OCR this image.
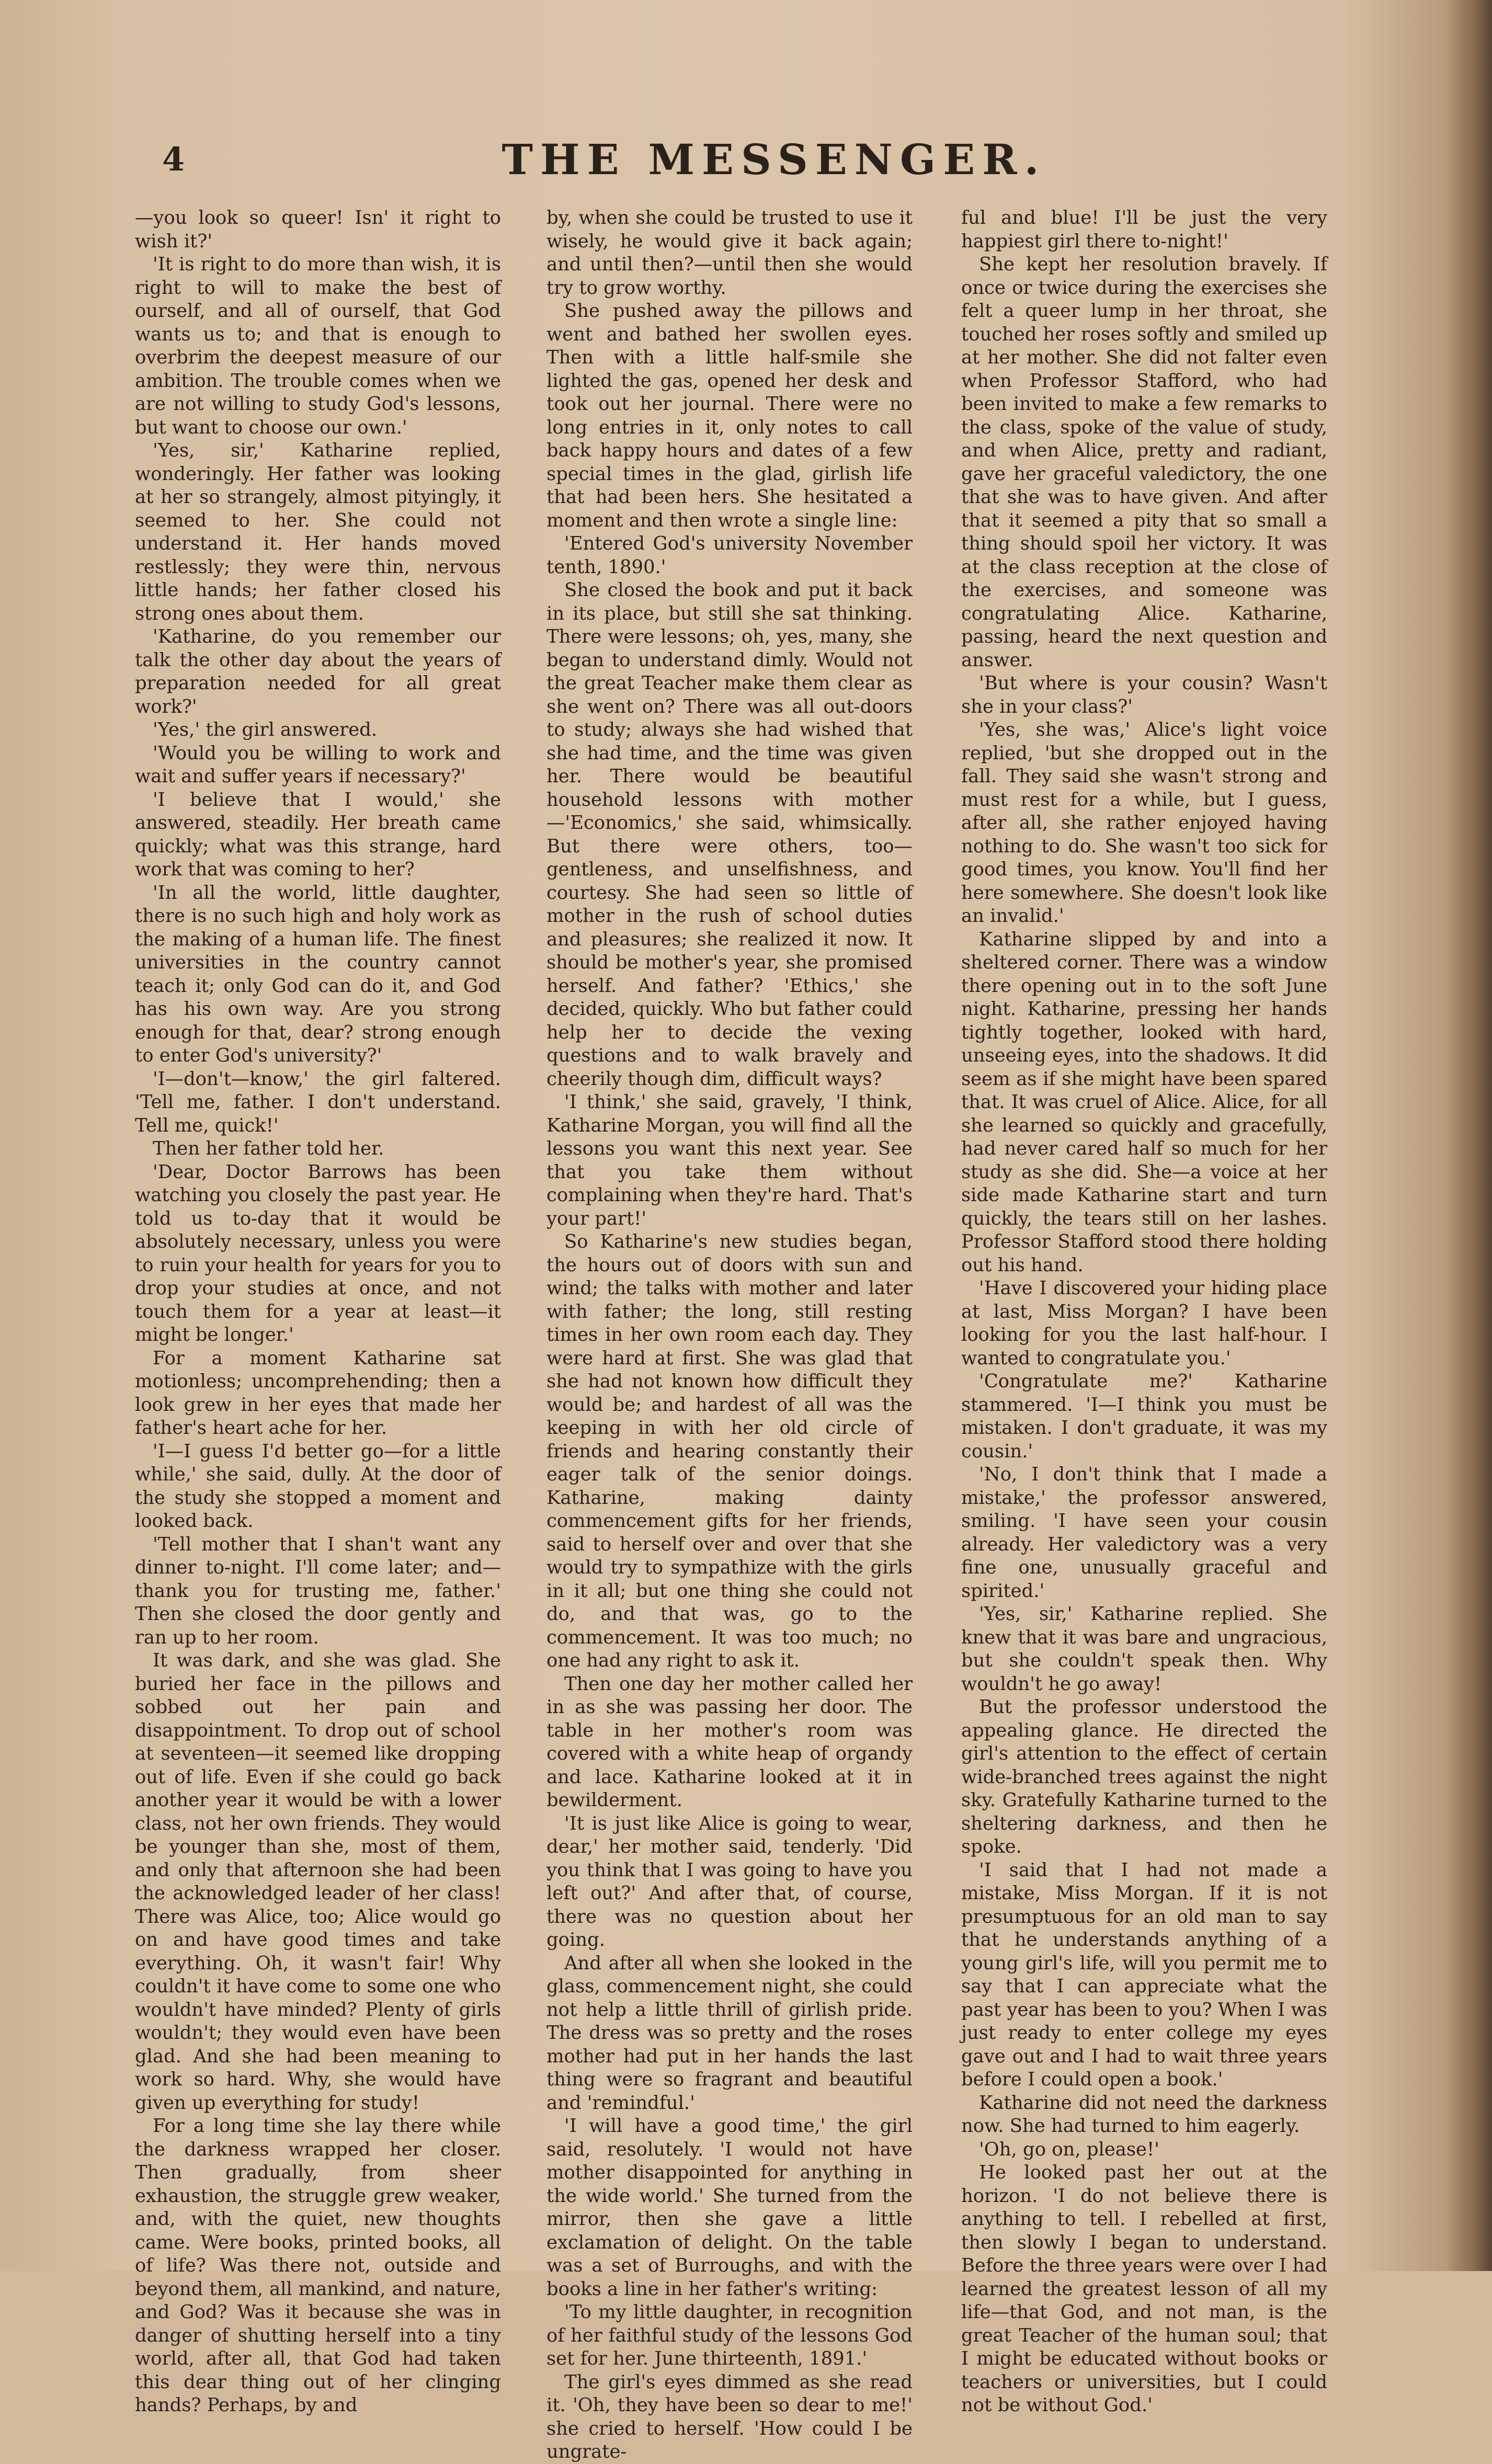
4	THE MESSENGER.

—you look so queer! Isn' it right to wish it?'

'It is right to do more than wish, it is right to will to make the best of ourself, and all of ourself, that God wants us to; and that is enough to overbrim the deepest measure of our ambition. The trouble comes when we are not willing to study God's lessons, but want to choose our own.'

'Yes, sir,' Katharine replied, wonderingly. Her father was looking at her so strangely, almost pityingly, it seemed to her. She could not understand it. Her hands moved restlessly; they were thin, nervous little hands; her father closed his strong ones about them.

'Katharine, do you remember our talk the other day about the years of preparation needed for all great work?'

'Yes,' the girl answered.

'Would you be willing to work and wait and suffer years if necessary?'

'I believe that I would,' she answered, steadily. Her breath came quickly; what was this strange, hard work that was coming to her?

'In all the world, little daughter, there is no such high and holy work as the making of a human life. The finest universities in the country cannot teach it; only God can do it, and God has his own way. Are you strong enough for that, dear? strong enough to enter God's university?'

'I—don't—know,' the girl faltered. 'Tell me, father. I don't understand. Tell me, quick!'

Then her father told her.

'Dear, Doctor Barrows has been watching you closely the past year. He told us to-day that it would be absolutely necessary, unless you were to ruin your health for years for you to drop your studies at once, and not touch them for a year at least—it might be longer.'

For a moment Katharine sat motionless; uncomprehending; then a look grew in her eyes that made her father's heart ache for her.

'I—I guess I'd better go—for a little while,' she said, dully. At the door of the study she stopped a moment and looked back.

'Tell mother that I shan't want any dinner to-night. I'll come later; and—thank you for trusting me, father.' Then she closed the door gently and ran up to her room.

It was dark, and she was glad. She buried her face in the pillows and sobbed out her pain and disappointment. To drop out of school at seventeen—it seemed like dropping out of life. Even if she could go back another year it would be with a lower class, not her own friends. They would be younger than she, most of them, and only that afternoon she had been the acknowledged leader of her class! There was Alice, too; Alice would go on and have good times and take everything. Oh, it wasn't fair! Why couldn't it have come to some one who wouldn't have minded? Plenty of girls wouldn't; they would even have been glad. And she had been meaning to work so hard. Why, she would have given up everything for study!

For a long time she lay there while the darkness wrapped her closer. Then gradually, from sheer exhaustion, the struggle grew weaker, and, with the quiet, new thoughts came. Were books, printed books, all of life? Was there not, outside and beyond them, all mankind, and nature, and God? Was it because she was in danger of shutting herself into a tiny world, after all, that God had taken this dear thing out of her clinging hands? Perhaps, by and

by, when she could be trusted to use it wisely, he would give it back again; and until then?—until then she would try to grow worthy.

She pushed away the pillows and went and bathed her swollen eyes. Then with a little half-smile she lighted the gas, opened her desk and took out her journal. There were no long entries in it, only notes to call back happy hours and dates of a few special times in the glad, girlish life that had been hers. She hesitated a moment and then wrote a single line:

'Entered God's university November tenth, 1890.'

She closed the book and put it back in its place, but still she sat thinking. There were lessons; oh, yes, many, she began to understand dimly. Would not the great Teacher make them clear as she went on? There was all out-doors to study; always she had wished that she had time, and the time was given her. There would be beautiful household lessons with mother—'Economics,' she said, whimsically. But there were others, too—gentleness, and unselfishness, and courtesy. She had seen so little of mother in the rush of school duties and pleasures; she realized it now. It should be mother's year, she promised herself. And father? 'Ethics,' she decided, quickly. Who but father could help her to decide the vexing questions and to walk bravely and cheerily though dim, difficult ways?

'I think,' she said, gravely, 'I think, Katharine Morgan, you will find all the lessons you want this next year. See that you take them without complaining when they're hard. That's your part!'

So Katharine's new studies began, the hours out of doors with sun and wind; the talks with mother and later with father; the long, still resting times in her own room each day. They were hard at first. She was glad that she had not known how difficult they would be; and hardest of all was the keeping in with her old circle of friends and hearing constantly their eager talk of the senior doings. Katharine, making dainty commencement gifts for her friends, said to herself over and over that she would try to sympathize with the girls in it all; but one thing she could not do, and that was, go to the commencement. It was too much; no one had any right to ask it.

Then one day her mother called her in as she was passing her door. The table in her mother's room was covered with a white heap of organdy and lace. Katharine looked at it in bewilderment.

'It is just like Alice is going to wear, dear,' her mother said, tenderly. 'Did you think that I was going to have you left out?' And after that, of course, there was no question about her going.

And after all when she looked in the glass, commencement night, she could not help a little thrill of girlish pride. The dress was so pretty and the roses mother had put in her hands the last thing were so fragrant and beautiful and 'remindful.'

'I will have a good time,' the girl said, resolutely. 'I would not have mother disappointed for anything in the wide world.' She turned from the mirror, then she gave a little exclamation of delight. On the table was a set of Burroughs, and with the books a line in her father's writing:

'To my little daughter, in recognition of her faithful study of the lessons God set for her. June thirteenth, 1891.'

The girl's eyes dimmed as she read it. 'Oh, they have been so dear to me!' she cried to herself. 'How could I be ungrate-

ful and blue! I'll be just the very happiest girl there to-night!'

She kept her resolution bravely. If once or twice during the exercises she felt a queer lump in her throat, she touched her roses softly and smiled up at her mother. She did not falter even when Professor Stafford, who had been invited to make a few remarks to the class, spoke of the value of study, and when Alice, pretty and radiant, gave her graceful valedictory, the one that she was to have given. And after that it seemed a pity that so small a thing should spoil her victory. It was at the class reception at the close of the exercises, and someone was congratulating Alice. Katharine, passing, heard the next question and answer.

'But where is your cousin? Wasn't she in your class?'

'Yes, she was,' Alice's light voice replied, 'but she dropped out in the fall. They said she wasn't strong and must rest for a while, but I guess, after all, she rather enjoyed having nothing to do. She wasn't too sick for good times, you know. You'll find her here somewhere. She doesn't look like an invalid.'

Katharine slipped by and into a sheltered corner. There was a window there opening out in to the soft June night. Katharine, pressing her hands tightly together, looked with hard, unseeing eyes, into the shadows. It did seem as if she might have been spared that. It was cruel of Alice. Alice, for all she learned so quickly and gracefully, had never cared half so much for her study as she did. She—a voice at her side made Katharine start and turn quickly, the tears still on her lashes. Professor Stafford stood there holding out his hand.

'Have I discovered your hiding place at last, Miss Morgan? I have been looking for you the last half-hour. I wanted to congratulate you.'

'Congratulate me?' Katharine stammered. 'I—I think you must be mistaken. I don't graduate, it was my cousin.'

'No, I don't think that I made a mistake,' the professor answered, smiling. 'I have seen your cousin already. Her valedictory was a very fine one, unusually graceful and spirited.'

'Yes, sir,' Katharine replied. She knew that it was bare and ungracious, but she couldn't speak then. Why wouldn't he go away!

But the professor understood the appealing glance. He directed the girl's attention to the effect of certain wide-branched trees against the night sky. Gratefully Katharine turned to the sheltering darkness, and then he spoke.

'I said that I had not made a mistake, Miss Morgan. If it is not presumptuous for an old man to say that he understands anything of a young girl's life, will you permit me to say that I can appreciate what the past year has been to you? When I was just ready to enter college my eyes gave out and I had to wait three years before I could open a book.'

Katharine did not need the darkness now. She had turned to him eagerly.

'Oh, go on, please!'

He looked past her out at the horizon. 'I do not believe there is anything to tell. I rebelled at first, then slowly I began to understand. Before the three years were over I had learned the greatest lesson of all my life—that God, and not man, is the great Teacher of the human soul; that I might be educated without books or teachers or universities, but I could not be without God.'
